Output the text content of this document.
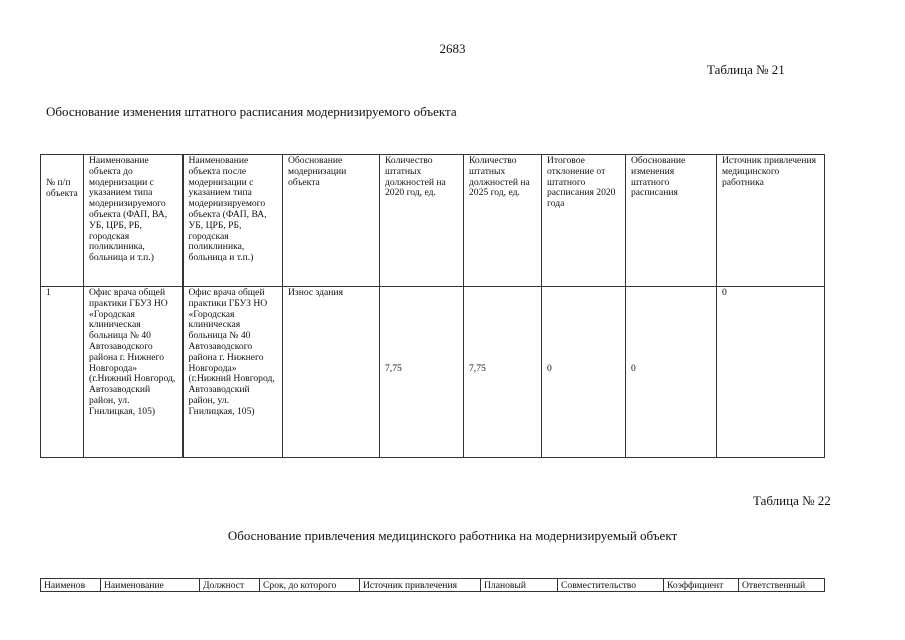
2683
Таблица № 21
Обоснование изменения штатного расписания модернизируемого объекта
№ п/п объекта	Наименование объекта до модернизации с указанием типа модернизируемого объекта (ФАП, ВА, УБ, ЦРБ, РБ, городская поликлиника, больница и т.п.)	Наименование объекта после модернизации с указанием типа модернизируемого объекта (ФАП, ВА, УБ, ЦРБ, РБ, городская поликлиника, больница и т.п.)	Обоснование модернизации объекта	Количество штатных должностей на 2020 год, ед.	Количество штатных должностей на 2025 год, ед.	Итоговое отклонение от штатного расписания 2020 года	Обоснование изменения штатного расписания	Источник привлечения медицинского работника
1	Офис врача общей практики ГБУЗ НО «Городская клиническая больница № 40 Автозаводского района г. Нижнего Новгорода» (г.Нижний Новгород, Автозаводский район, ул. Гнилицкая, 105)	Офис врача общей практики ГБУЗ НО «Городская клиническая больница № 40 Автозаводского района г. Нижнего Новгорода» (г.Нижний Новгород, Автозаводский район, ул. Гнилицкая, 105)	Износ здания	7,75	7,75	0	0	0
Таблица № 22
Обоснование привлечения медицинского работника на модернизируемый объект
Наименов	Наименование	Должност	Срок, до которого	Источник привлечения	Плановый	Совместительство	Коэффициент	Ответственный
